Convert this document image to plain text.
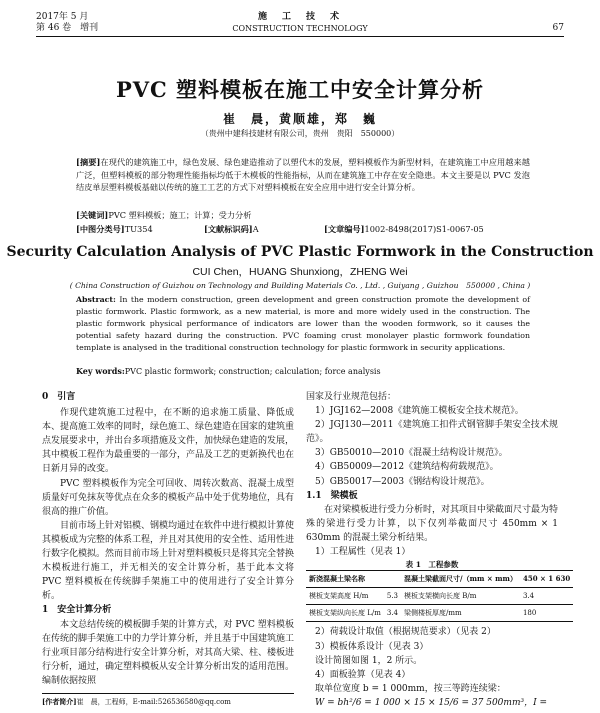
2017年 5 月
第 46 卷　增刊
施　工　技　术
CONSTRUCTION TECHNOLOGY	67
PVC 塑料模板在施工中安全计算分析
崔　晨，黄顺雄，郑　巍
（贵州中建科技建材有限公司，贵州　贵阳　550000）
[摘要]在现代的建筑施工中，绿色发展、绿色建造推动了以塑代木的发展，塑料模板作为新型材料，在建筑施工中应用越来越广泛，但塑料模板的部分物理性能指标均低于木模板的性能指标，从而在建筑施工中存在安全隐患。本文主要是以 PVC 发泡结皮单层塑料模板基础以传统的施工工艺的方式下对塑料模板在安全应用中进行安全计算分析。
[关键词]PVC 塑料模板；施工；计算；受力分析
[中图分类号]TU354	[文献标识码]A	[文章编号]1002-8498(2017)S1-0067-05
Security Calculation Analysis of PVC Plastic Formwork in the Construction
CUI Chen，HUANG Shunxiong，ZHENG Wei
( China Construction of Guizhou on Technology and Building Materials Co. , Ltd. , Guiyang , Guizhou　550000 , China )
Abstract: In the modern construction, green development and green construction promote the development of plastic formwork. Plastic formwork, as a new material, is more and more widely used in the construction. The plastic formwork physical performance of indicators are lower than the wooden formwork, so it causes the potential safety hazard during the construction. PVC foaming crust monolayer plastic formwork foundation template is analysed in the traditional construction technology for plastic formwork in security applications.
Key words:PVC plastic formwork; construction; calculation; force analysis
0　引言

作现代建筑施工过程中，在不断的追求施工质量、降低成本、提高施工效率的同时，绿色施工、绿色建造在国家的建筑重点发展要求中，并出台多项措施及文件，加快绿色建造的发展，其中模板工程作为最重要的一部分，产品及工艺的更新换代也在日新月异的改变。

PVC 塑料模板作为完全可回收、周转次数高、混凝土成型质量好可免抹灰等优点在众多的模板产品中处于优势地位，具有很高的推广价值。

目前市场上针对铝模、钢模均通过在软件中进行模拟计算使其模板成为完整的体系工程，并且对其使用的安全性、适用性进行数字化模拟。然而目前市场上针对塑料模板只是将其完全替换木模板进行施工，并无相关的安全计算分析，基于此本文将 PVC 塑料模板在传统脚手架施工中的使用进行了安全计算分析。

1　安全计算分析

本文总结传统的模板脚手架的计算方式，对 PVC 塑料模板在传统的脚手架施工中的力学计算分析，并且基于中国建筑施工行业项目部分结构进行安全计算分析，对其高大梁、柱、楼板进行分析，通过，确定塑料模板从安全计算分析出发的适用范围。编制依据按照

[作者简介]崔　晨，工程师，E-mail:526536580@qq.com
国家及行业规范包括：

1）JGJ162—2008《建筑施工模板安全技术规范》。

2）JGJ130—2011《建筑施工扣件式钢管脚手架安全技术规范》。

3）GB50010—2010《混凝土结构设计规范》。

4）GB50009—2012《建筑结构荷载规范》。

5）GB50017—2003《钢结构设计规范》。

1.1　梁模板

在对梁模板进行受力分析时，对其项目中梁截面尺寸最为特殊的梁进行受力计算，以下仅列举截面尺寸 450mm × 1 630mm 的混凝土梁分析结果。

1）工程属性（见表 1）

表 1　工程参数
新浇混凝土梁名称		混凝土梁截面尺寸/（mm × mm）	450 × 1 630
模板支架高度 H/m	5.3	模板支架横向长度 B/m	3.4
模板支架纵向长度 L/m	3.4	梁侧楼板厚度/mm	180

2）荷载设计取值（根据规范要求）（见表 2）

3）模板体系设计（见表 3）

设计简图如图 1，2 所示。

4）面板验算（见表 4）

取单位宽度 b = 1 000mm，按三等跨连续梁：

W = bh²/6 = 1 000 × 15 × 15/6 = 37 500mm³，I =
